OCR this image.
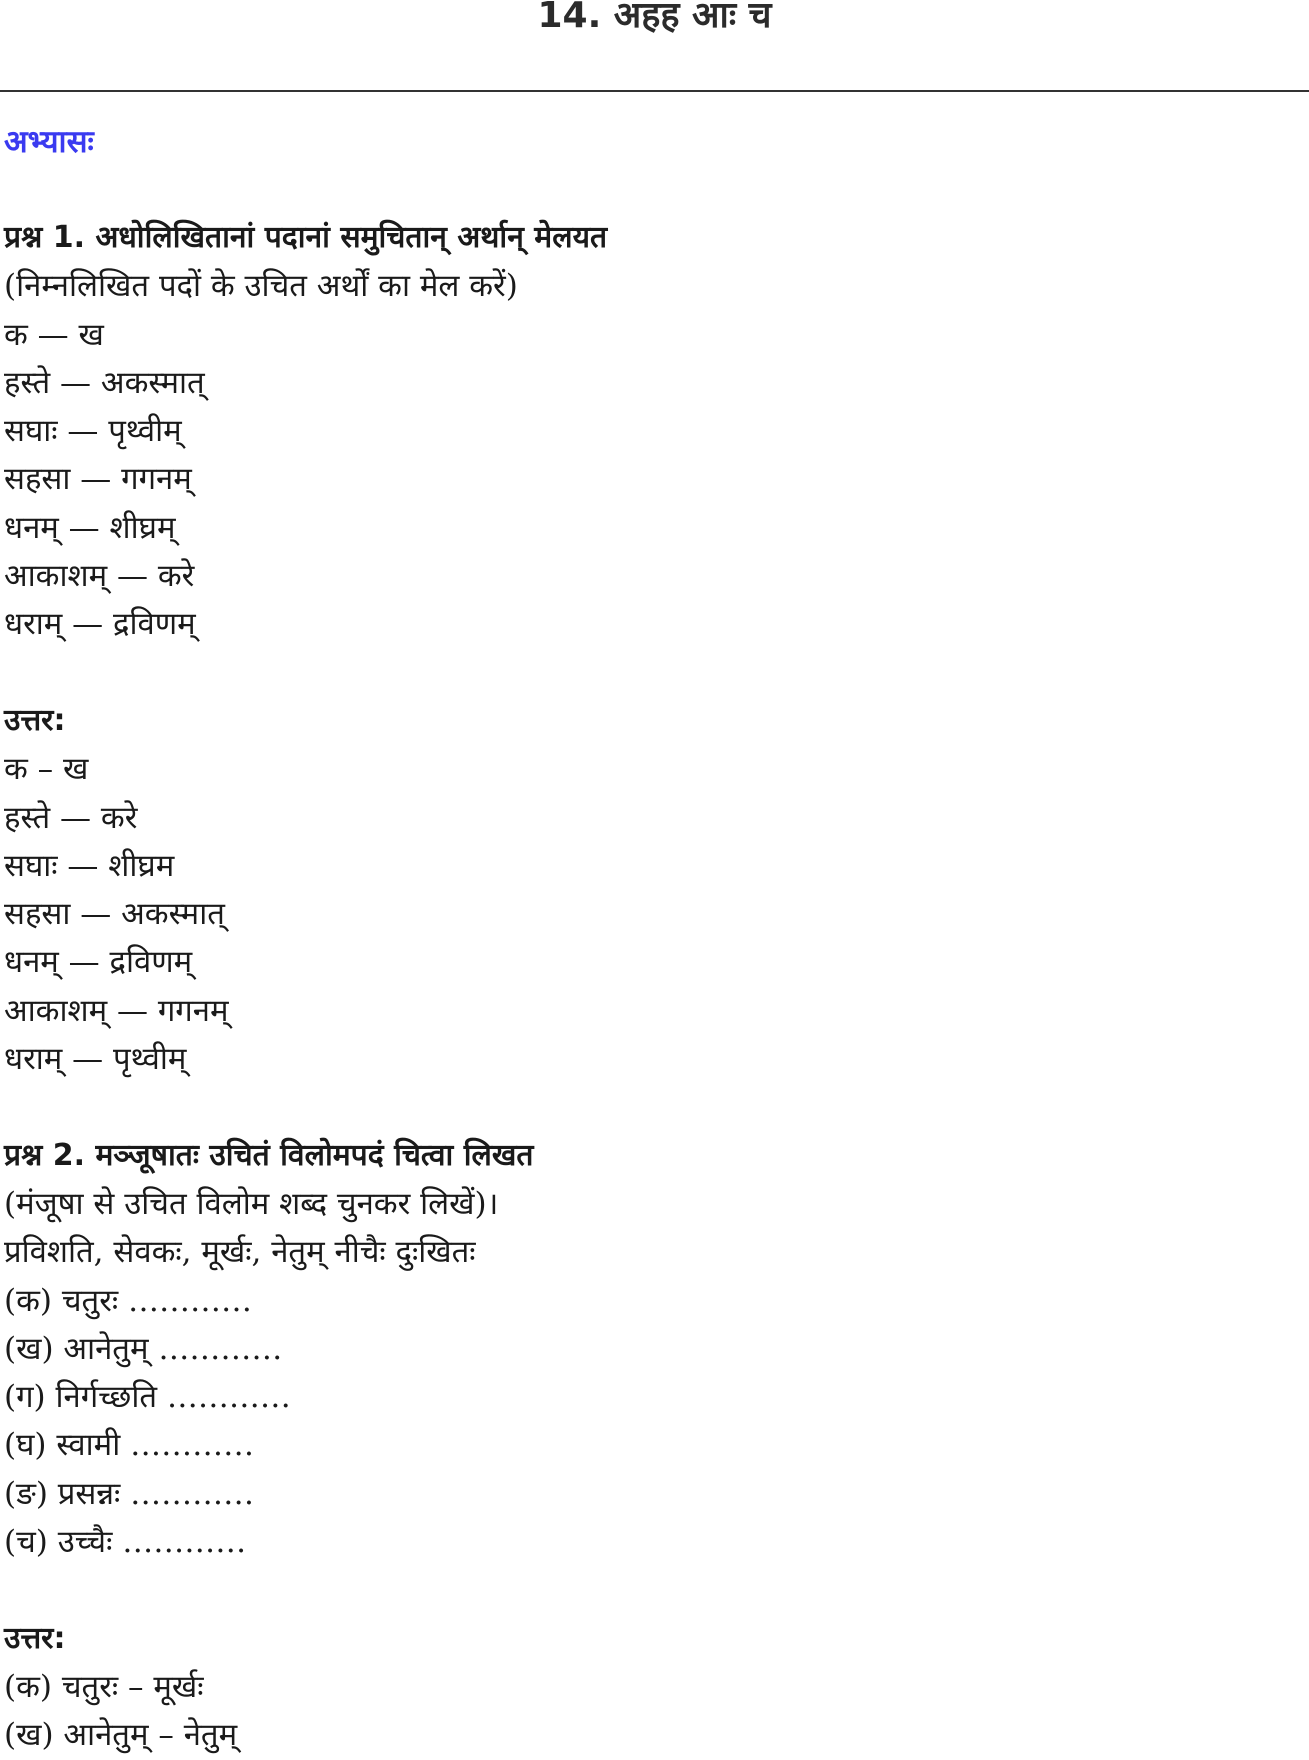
14. अहह आः च
अभ्यासः
प्रश्न 1. अधोलिखितानां पदानां समुचितान् अर्थान् मेलयत
(निम्नलिखित पदों के उचित अर्थों का मेल करें)
क — ख
हस्ते — अकस्मात्
सघाः — पृथ्वीम्
सहसा — गगनम्
धनम् — शीघ्रम्
आकाशम् — करे
धराम् — द्रविणम्
उत्तर:
क – ख
हस्ते — करे
सघाः — शीघ्रम
सहसा — अकस्मात्
धनम् — द्रविणम्
आकाशम् — गगनम्
धराम् — पृथ्वीम्
प्रश्न 2. मञ्जूषातः उचितं विलोमपदं चित्वा लिखत
(मंजूषा से उचित विलोम शब्द चुनकर लिखें)।
प्रविशति, सेवकः, मूर्खः, नेतुम् नीचैः दुःखितः
(क) चतुरः …………
(ख) आनेतुम् …………
(ग) निर्गच्छति …………
(घ) स्वामी …………
(ङ) प्रसन्नः …………
(च) उच्चैः …………
उत्तर:
(क) चतुरः – मूर्खः
(ख) आनेतुम् – नेतुम्
